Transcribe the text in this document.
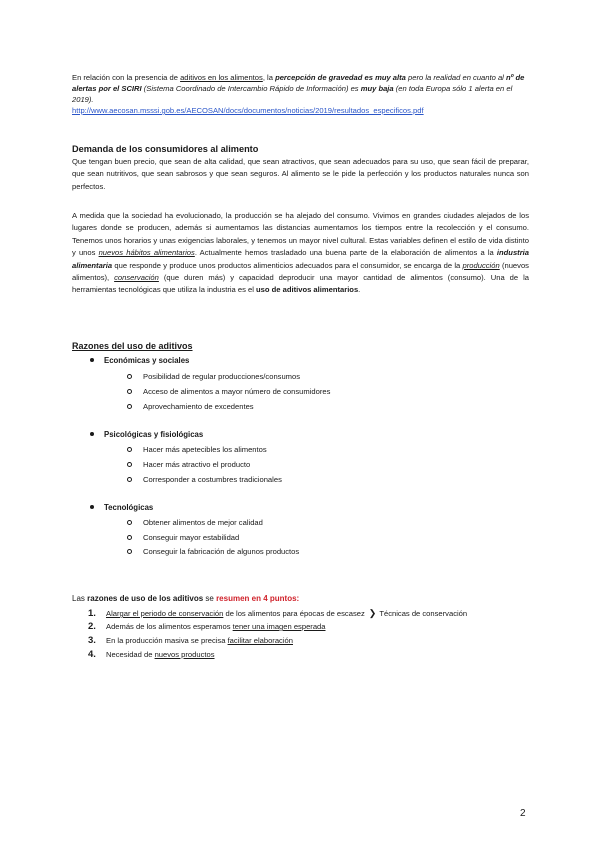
En relación con la presencia de aditivos en los alimentos, la percepción de gravedad es muy alta pero la realidad en cuanto al nº de alertas por el SCIRI (Sistema Coordinado de Intercambio Rápido de Información) es muy baja (en toda Europa sólo 1 alerta en el 2019).
http://www.aecosan.msssi.gob.es/AECOSAN/docs/documentos/noticias/2019/resultados_especificos.pdf

Demanda de los consumidores al alimento

Que tengan buen precio, que sean de alta calidad, que sean atractivos, que sean adecuados para su uso, que sean fácil de preparar, que sean nutritivos, que sean sabrosos y que sean seguros. Al alimento se le pide la perfección y los productos naturales nunca son perfectos.

A medida que la sociedad ha evolucionado, la producción se ha alejado del consumo. Vivimos en grandes ciudades alejados de los lugares donde se producen, además si aumentamos las distancias aumentamos los tiempos entre la recolección y el consumo. Tenemos unos horarios y unas exigencias laborales, y tenemos un mayor nivel cultural. Estas variables definen el estilo de vida distinto y unos nuevos hábitos alimentarios. Actualmente hemos trasladado una buena parte de la elaboración de alimentos a la industria alimentaria que responde y produce unos productos alimenticios adecuados para el consumidor, se encarga de la producción (nuevos alimentos), conservación (que duren más) y capacidad deproducir una mayor cantidad de alimentos (consumo). Una de la herramientas tecnológicas que utiliza la industria es el uso de aditivos alimentarios.

Razones del uso de aditivos
Económicas y sociales
Posibilidad de regular producciones/consumos
Acceso de alimentos a mayor número de consumidores
Aprovechamiento de excedentes
Psicológicas y fisiológicas
Hacer más apetecibles los alimentos
Hacer más atractivo el producto
Corresponder a costumbres tradicionales
Tecnológicas
Obtener alimentos de mejor calidad
Conseguir mayor estabilidad
Conseguir la fabricación de algunos productos
Las razones de uso de los aditivos se resumen en 4 puntos:
1. Alargar el periodo de conservación de los alimentos para épocas de escasez ❯ Técnicas de conservación
2. Además de los alimentos esperamos tener una imagen esperada
3. En la producción masiva se precisa facilitar elaboración
4. Necesidad de nuevos productos
2
